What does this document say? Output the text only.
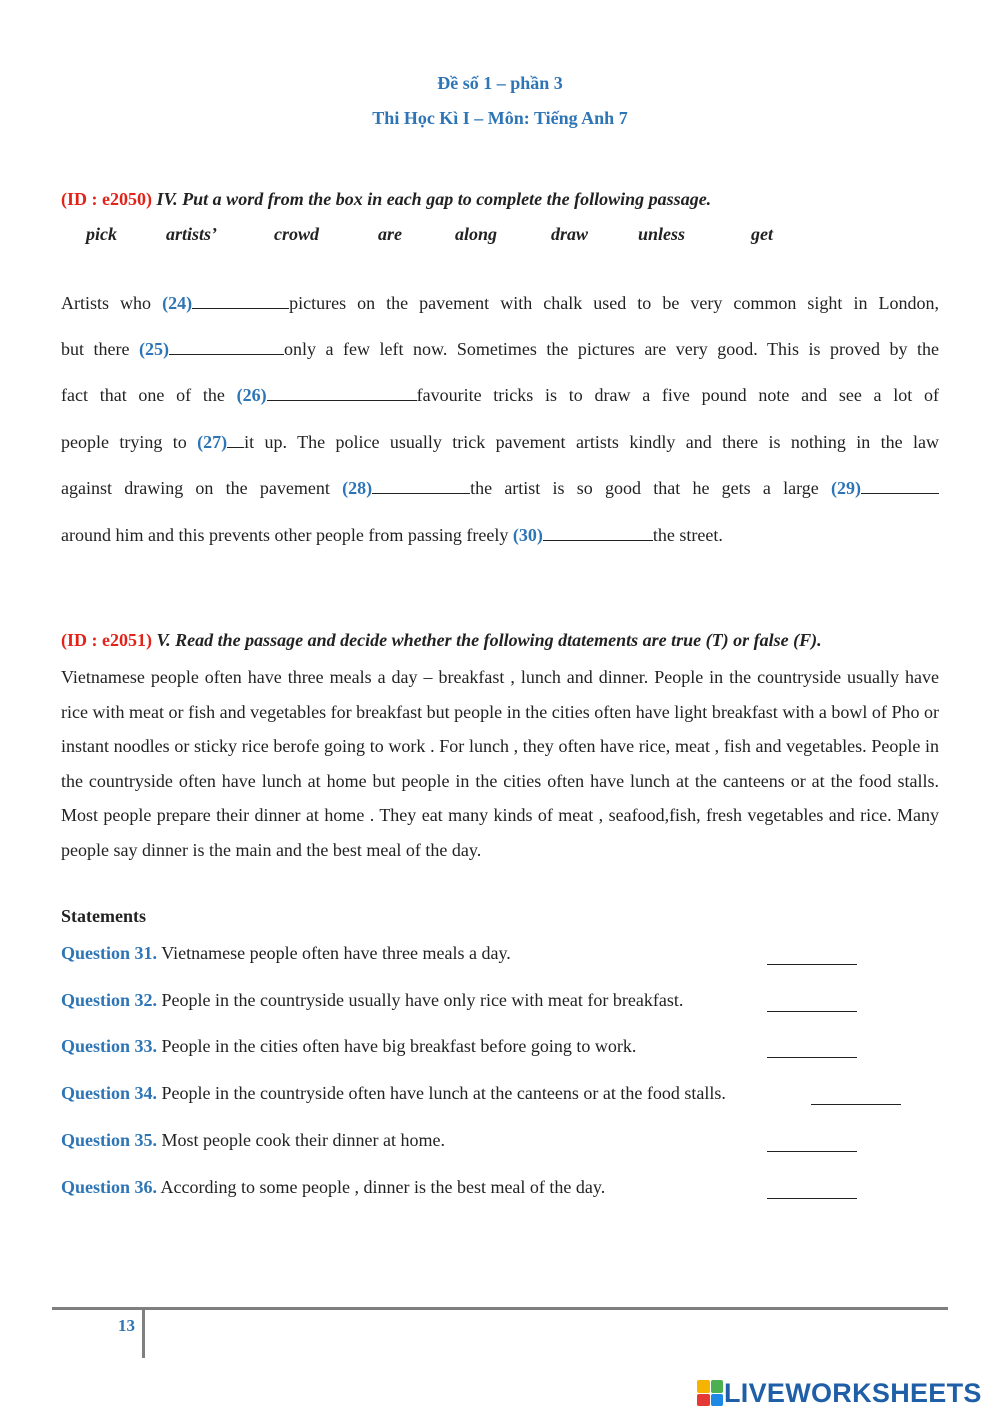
Đề số 1 – phần 3
Thi Học Kì I – Môn: Tiếng Anh 7
(ID : e2050) IV. Put a word from the box in each gap to complete the following passage.
pick	artists’	crowd	are	along	draw	unless	get
Artists who (24)	pictures on the pavement with chalk used to be very common sight in London,
but there (25)	only a few left now. Sometimes the pictures are very good. This is proved by the
fact that one of the (26)	favourite tricks is to draw a five pound note and see a lot of
people trying to (27) it up. The police usually trick pavement artists kindly and there is nothing in the law
against drawing on the pavement (28)	the artist is so good that he gets a large (29)
around him and this prevents other people from passing freely (30)	the street.
(ID : e2051) V. Read the passage and decide whether the following dtatements are true (T) or false (F).
Vietnamese people often have three meals a day – breakfast , lunch and dinner. People in the countryside usually have rice with meat or fish and vegetables for breakfast but people in the cities often have light breakfast with a bowl of Pho or instant noodles or sticky rice berofe going to work . For lunch , they often have rice, meat , fish and vegetables. People in the countryside often have lunch at home but people in the cities often have lunch at the canteens or at the food stalls. Most people prepare their dinner at home . They eat many kinds of meat , seafood,fish, fresh vegetables and rice. Many people say dinner is the main and the best meal of the day.
Statements
Question 31. Vietnamese people often have three meals a day.
Question 32. People in the countryside usually have only rice with meat for breakfast.
Question 33. People in the cities often have big breakfast before going to work.
Question 34. People in the countryside often have lunch at the canteens or at the food stalls.
Question 35. Most people cook their dinner at home.
Question 36. According to some people , dinner is the best meal of the day.
13
LIVEWORKSHEETS
